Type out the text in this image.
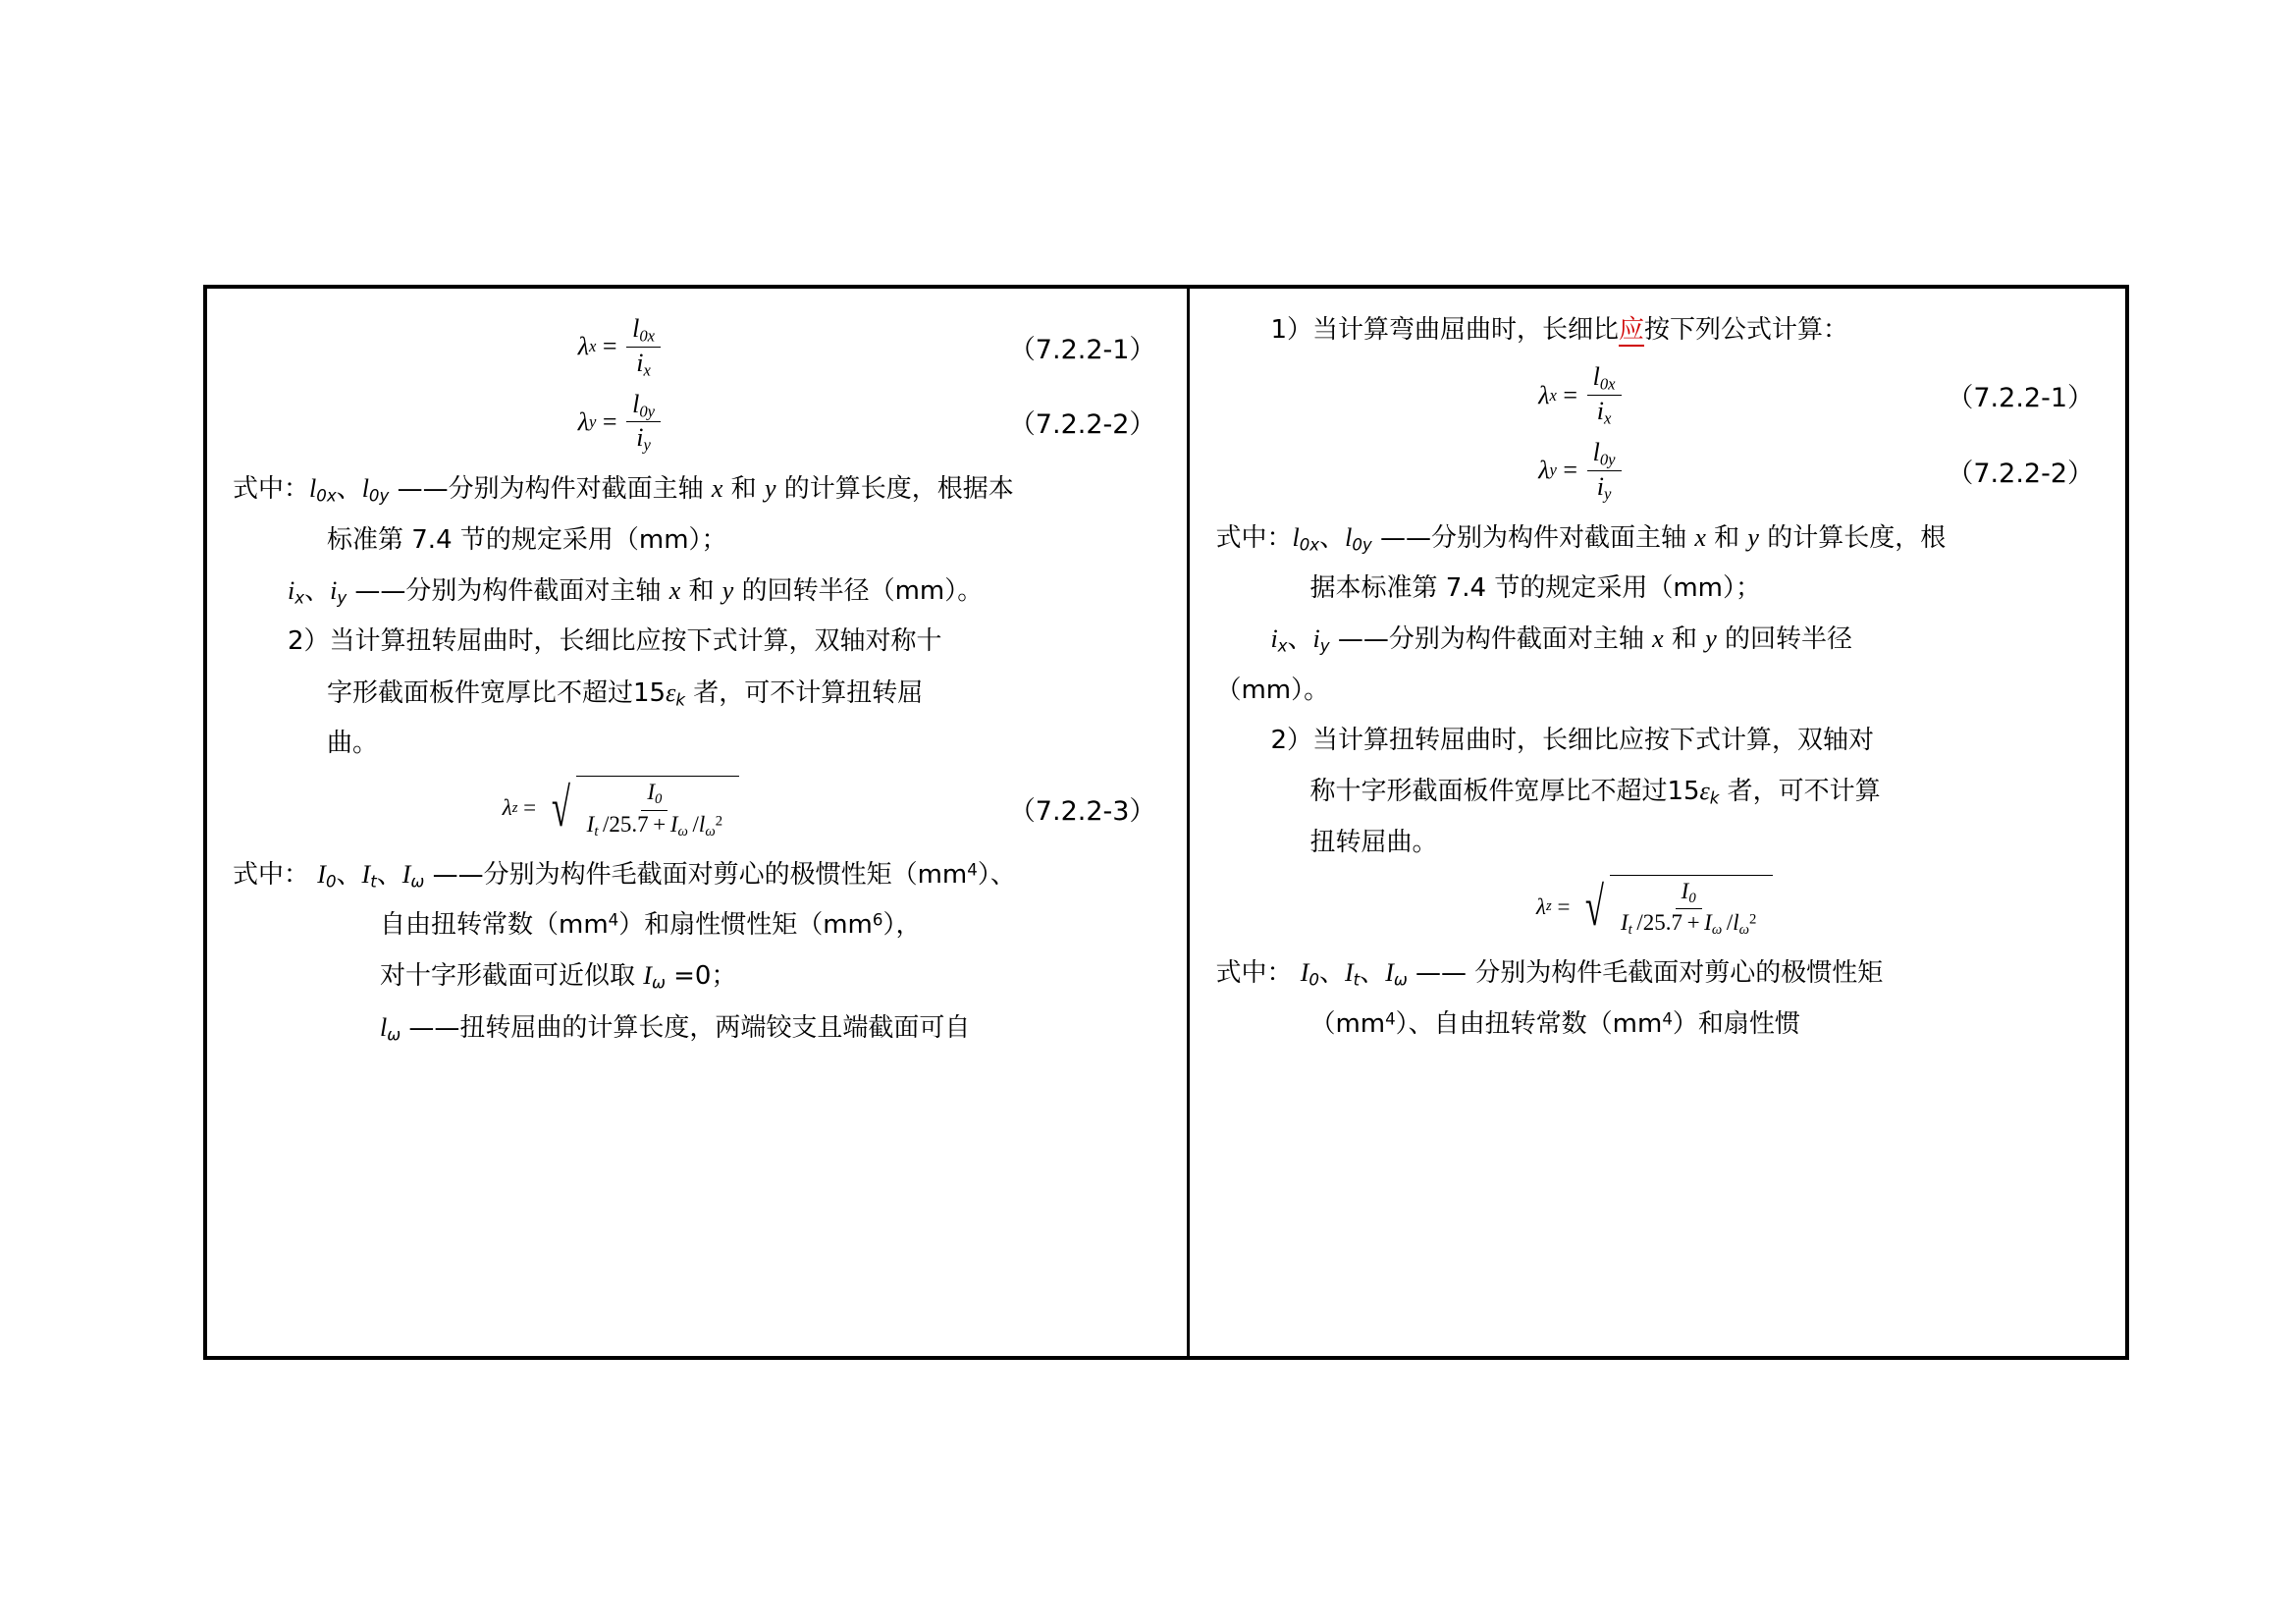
λ $x = \frac{l_{0x}}{i_x}$	（7.2.2-1）
λ $y = \frac{l_{0y}}{i_y}$	（7.2.2-2）

式中：$l_{0x}$、$l_{0y}$ ——分别为构件对截面主轴 x 和 y 的计算长度，根据本

标准第 7.4 节的规定采用（mm）；

$i_x$、$i_y$ ——分别为构件截面对主轴 x 和 y 的回转半径（mm）。

2）当计算扭转屈曲时，长细比应按下式计算，双轴对称十

字形截面板件宽厚比不超过$15\varepsilon_k$ 者，可不计算扭转屈

曲。

λ z = √ $\frac{I_0}{I_t /25.7 + I_\omega /l_\omega^2}$	（7.2.2-3）

式中： $I_0$、$I_t$、$I_\omega$ ——分别为构件毛截面对剪心的极惯性矩$(mm^4)$、

自由扭转常数$(mm^4)$和扇性惯性矩$(mm^6)$，

对十字形截面可近似取 $I_\omega =0$；

$l_\omega$ ——扭转屈曲的计算长度，两端铰支且端截面可自

1）当计算弯曲屈曲时，长细比应按下列公式计算：

λ $x = \frac{l_{0x}}{i_x}$	（7.2.2-1）
λ $y = \frac{l_{0y}}{i_y}$	（7.2.2-2）

式中：$l_{0x}$、$l_{0y}$ ——分别为构件对截面主轴 x 和 y 的计算长度，根

据本标准第 7.4 节的规定采用（mm）；

$i_x$、$i_y$ ——分别为构件截面对主轴 x 和 y 的回转半径

（mm）。

2）当计算扭转屈曲时，长细比应按下式计算，双轴对

称十字形截面板件宽厚比不超过$15\varepsilon_k$ 者，可不计算

扭转屈曲。

λ z = √ $\frac{I_0}{I_t /25.7 + I_\omega /l_\omega^2}$

式中： $I_0$、$I_t$、$I_\omega$ —— 分别为构件毛截面对剪心的极惯性矩

$(mm^4)$、自由扭转常数$(mm^4)$和扇性惯
